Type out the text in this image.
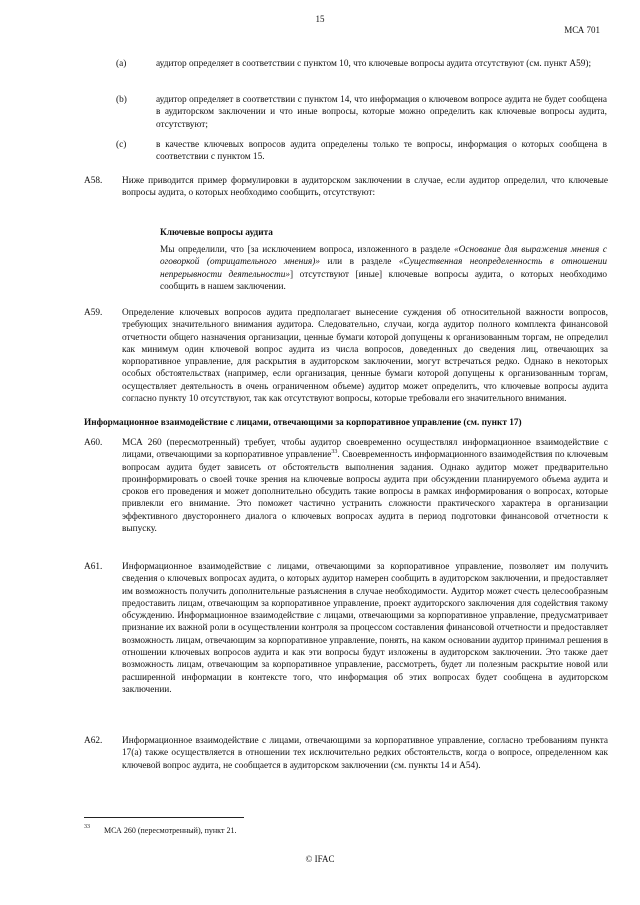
15
МСА 701
(a)	аудитор определяет в соответствии с пунктом 10, что ключевые вопросы аудита отсутствуют (см. пункт A59);

(b)	аудитор определяет в соответствии с пунктом 14, что информация о ключевом вопросе аудита не будет сообщена в аудиторском заключении и что иные вопросы, которые можно определить как ключевые вопросы аудита, отсутствуют;

(c)	в качестве ключевых вопросов аудита определены только те вопросы, информация о которых сообщена в соответствии с пунктом 15.

A58. Ниже приводится пример формулировки в аудиторском заключении в случае, если аудитор определил, что ключевые вопросы аудита, о которых необходимо сообщить, отсутствуют:

Ключевые вопросы аудита

Мы определили, что [за исключением вопроса, изложенного в разделе «Основание для выражения мнения с оговоркой (отрицательного мнения)» или в разделе «Существенная неопределенность в отношении непрерывности деятельности»] отсутствуют [иные] ключевые вопросы аудита, о которых необходимо сообщить в нашем заключении.

A59. Определение ключевых вопросов аудита предполагает вынесение суждения об относительной важности вопросов, требующих значительного внимания аудитора. Следовательно, случаи, когда аудитор полного комплекта финансовой отчетности общего назначения организации, ценные бумаги которой допущены к организованным торгам, не определил как минимум один ключевой вопрос аудита из числа вопросов, доведенных до сведения лиц, отвечающих за корпоративное управление, для раскрытия в аудиторском заключении, могут встречаться редко. Однако в некоторых особых обстоятельствах (например, если организация, ценные бумаги которой допущены к организованным торгам, осуществляет деятельность в очень ограниченном объеме) аудитор может определить, что ключевые вопросы аудита согласно пункту 10 отсутствуют, так как отсутствуют вопросы, которые требовали его значительного внимания.

Информационное взаимодействие с лицами, отвечающими за корпоративное управление (см. пункт 17)
A60. МСА 260 (пересмотренный) требует, чтобы аудитор своевременно осуществлял информационное взаимодействие с лицами, отвечающими за корпоративное управление$^{33}$. Своевременность информационного взаимодействия по ключевым вопросам аудита будет зависеть от обстоятельств выполнения задания. Однако аудитор может предварительно проинформировать о своей точке зрения на ключевые вопросы аудита при обсуждении планируемого объема аудита и сроков его проведения и может дополнительно обсудить такие вопросы в рамках информирования о вопросах, которые привлекли его внимание. Это поможет частично устранить сложности практического характера в организации эффективного двустороннего диалога о ключевых вопросах аудита в период подготовки финансовой отчетности к выпуску.

A61. Информационное взаимодействие с лицами, отвечающими за корпоративное управление, позволяет им получить сведения о ключевых вопросах аудита, о которых аудитор намерен сообщить в аудиторском заключении, и предоставляет им возможность получить дополнительные разъяснения в случае необходимости. Аудитор может счесть целесообразным предоставить лицам, отвечающим за корпоративное управление, проект аудиторского заключения для содействия такому обсуждению. Информационное взаимодействие с лицами, отвечающими за корпоративное управление, предусматривает признание их важной роли в осуществлении контроля за процессом составления финансовой отчетности и предоставляет возможность лицам, отвечающим за корпоративное управление, понять, на каком основании аудитор принимал решения в отношении ключевых вопросов аудита и как эти вопросы будут изложены в аудиторском заключении. Это также дает возможность лицам, отвечающим за корпоративное управление, рассмотреть, будет ли полезным раскрытие новой или расширенной информации в контексте того, что информация об этих вопросах будет сообщена в аудиторском заключении.

A62. Информационное взаимодействие с лицами, отвечающими за корпоративное управление, согласно требованиям пункта 17(a) также осуществляется в отношении тех исключительно редких обстоятельств, когда о вопросе, определенном как ключевой вопрос аудита, не сообщается в аудиторском заключении (см. пункты 14 и A54).

33 МСА 260 (пересмотренный), пункт 21.
© IFAC
